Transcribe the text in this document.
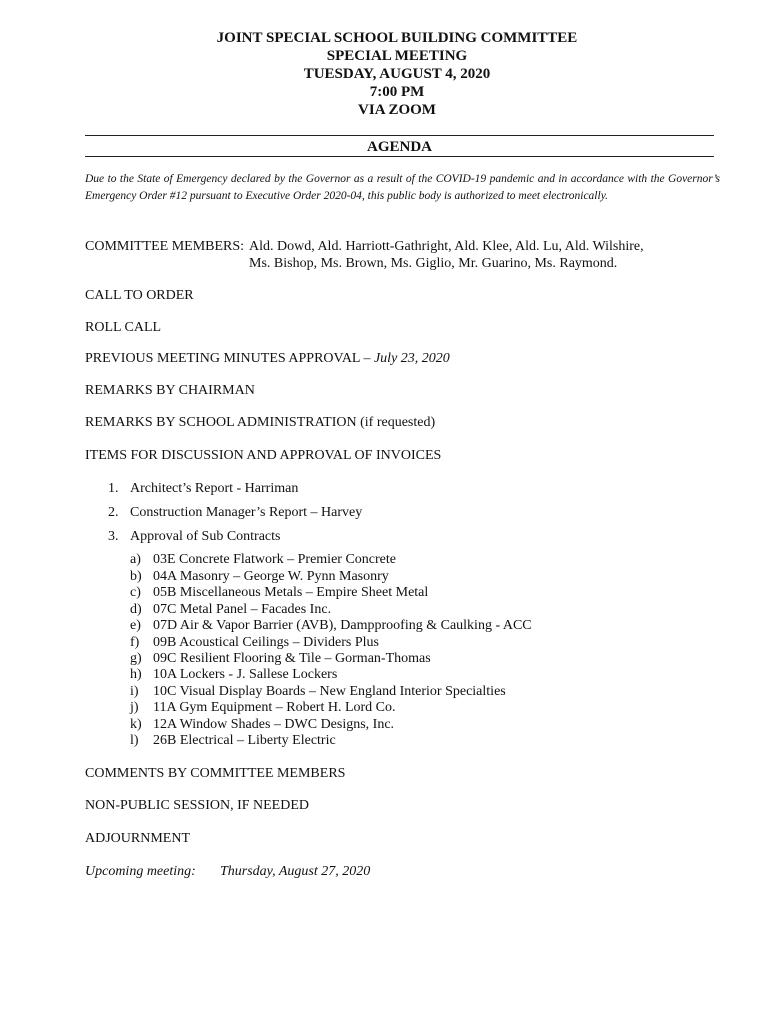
JOINT SPECIAL SCHOOL BUILDING COMMITTEE
SPECIAL MEETING
TUESDAY, AUGUST 4, 2020
7:00 PM
VIA ZOOM
AGENDA
Due to the State of Emergency declared by the Governor as a result of the COVID-19 pandemic and in accordance with the Governor’s Emergency Order #12 pursuant to Executive Order 2020-04, this public body is authorized to meet electronically.
COMMITTEE MEMBERS: Ald. Dowd, Ald. Harriott-Gathright, Ald. Klee, Ald. Lu, Ald. Wilshire,
Ms. Bishop, Ms. Brown, Ms. Giglio, Mr. Guarino, Ms. Raymond.
CALL TO ORDER
ROLL CALL
PREVIOUS MEETING MINUTES APPROVAL – July 23, 2020
REMARKS BY CHAIRMAN
REMARKS BY SCHOOL ADMINISTRATION (if requested)
ITEMS FOR DISCUSSION AND APPROVAL OF INVOICES
1. Architect’s Report - Harriman
2. Construction Manager’s Report – Harvey
3. Approval of Sub Contracts
a) 03E Concrete Flatwork – Premier Concrete
b) 04A Masonry – George W. Pynn Masonry
c) 05B Miscellaneous Metals – Empire Sheet Metal
d) 07C Metal Panel – Facades Inc.
e) 07D Air & Vapor Barrier (AVB), Dampproofing & Caulking - ACC
f) 09B Acoustical Ceilings – Dividers Plus
g) 09C Resilient Flooring & Tile – Gorman-Thomas
h) 10A Lockers - J. Sallese Lockers
i) 10C Visual Display Boards – New England Interior Specialties
j) 11A Gym Equipment – Robert H. Lord Co.
k) 12A Window Shades – DWC Designs, Inc.
l) 26B Electrical – Liberty Electric
COMMENTS BY COMMITTEE MEMBERS
NON-PUBLIC SESSION, IF NEEDED
ADJOURNMENT
Upcoming meeting: Thursday, August 27, 2020
